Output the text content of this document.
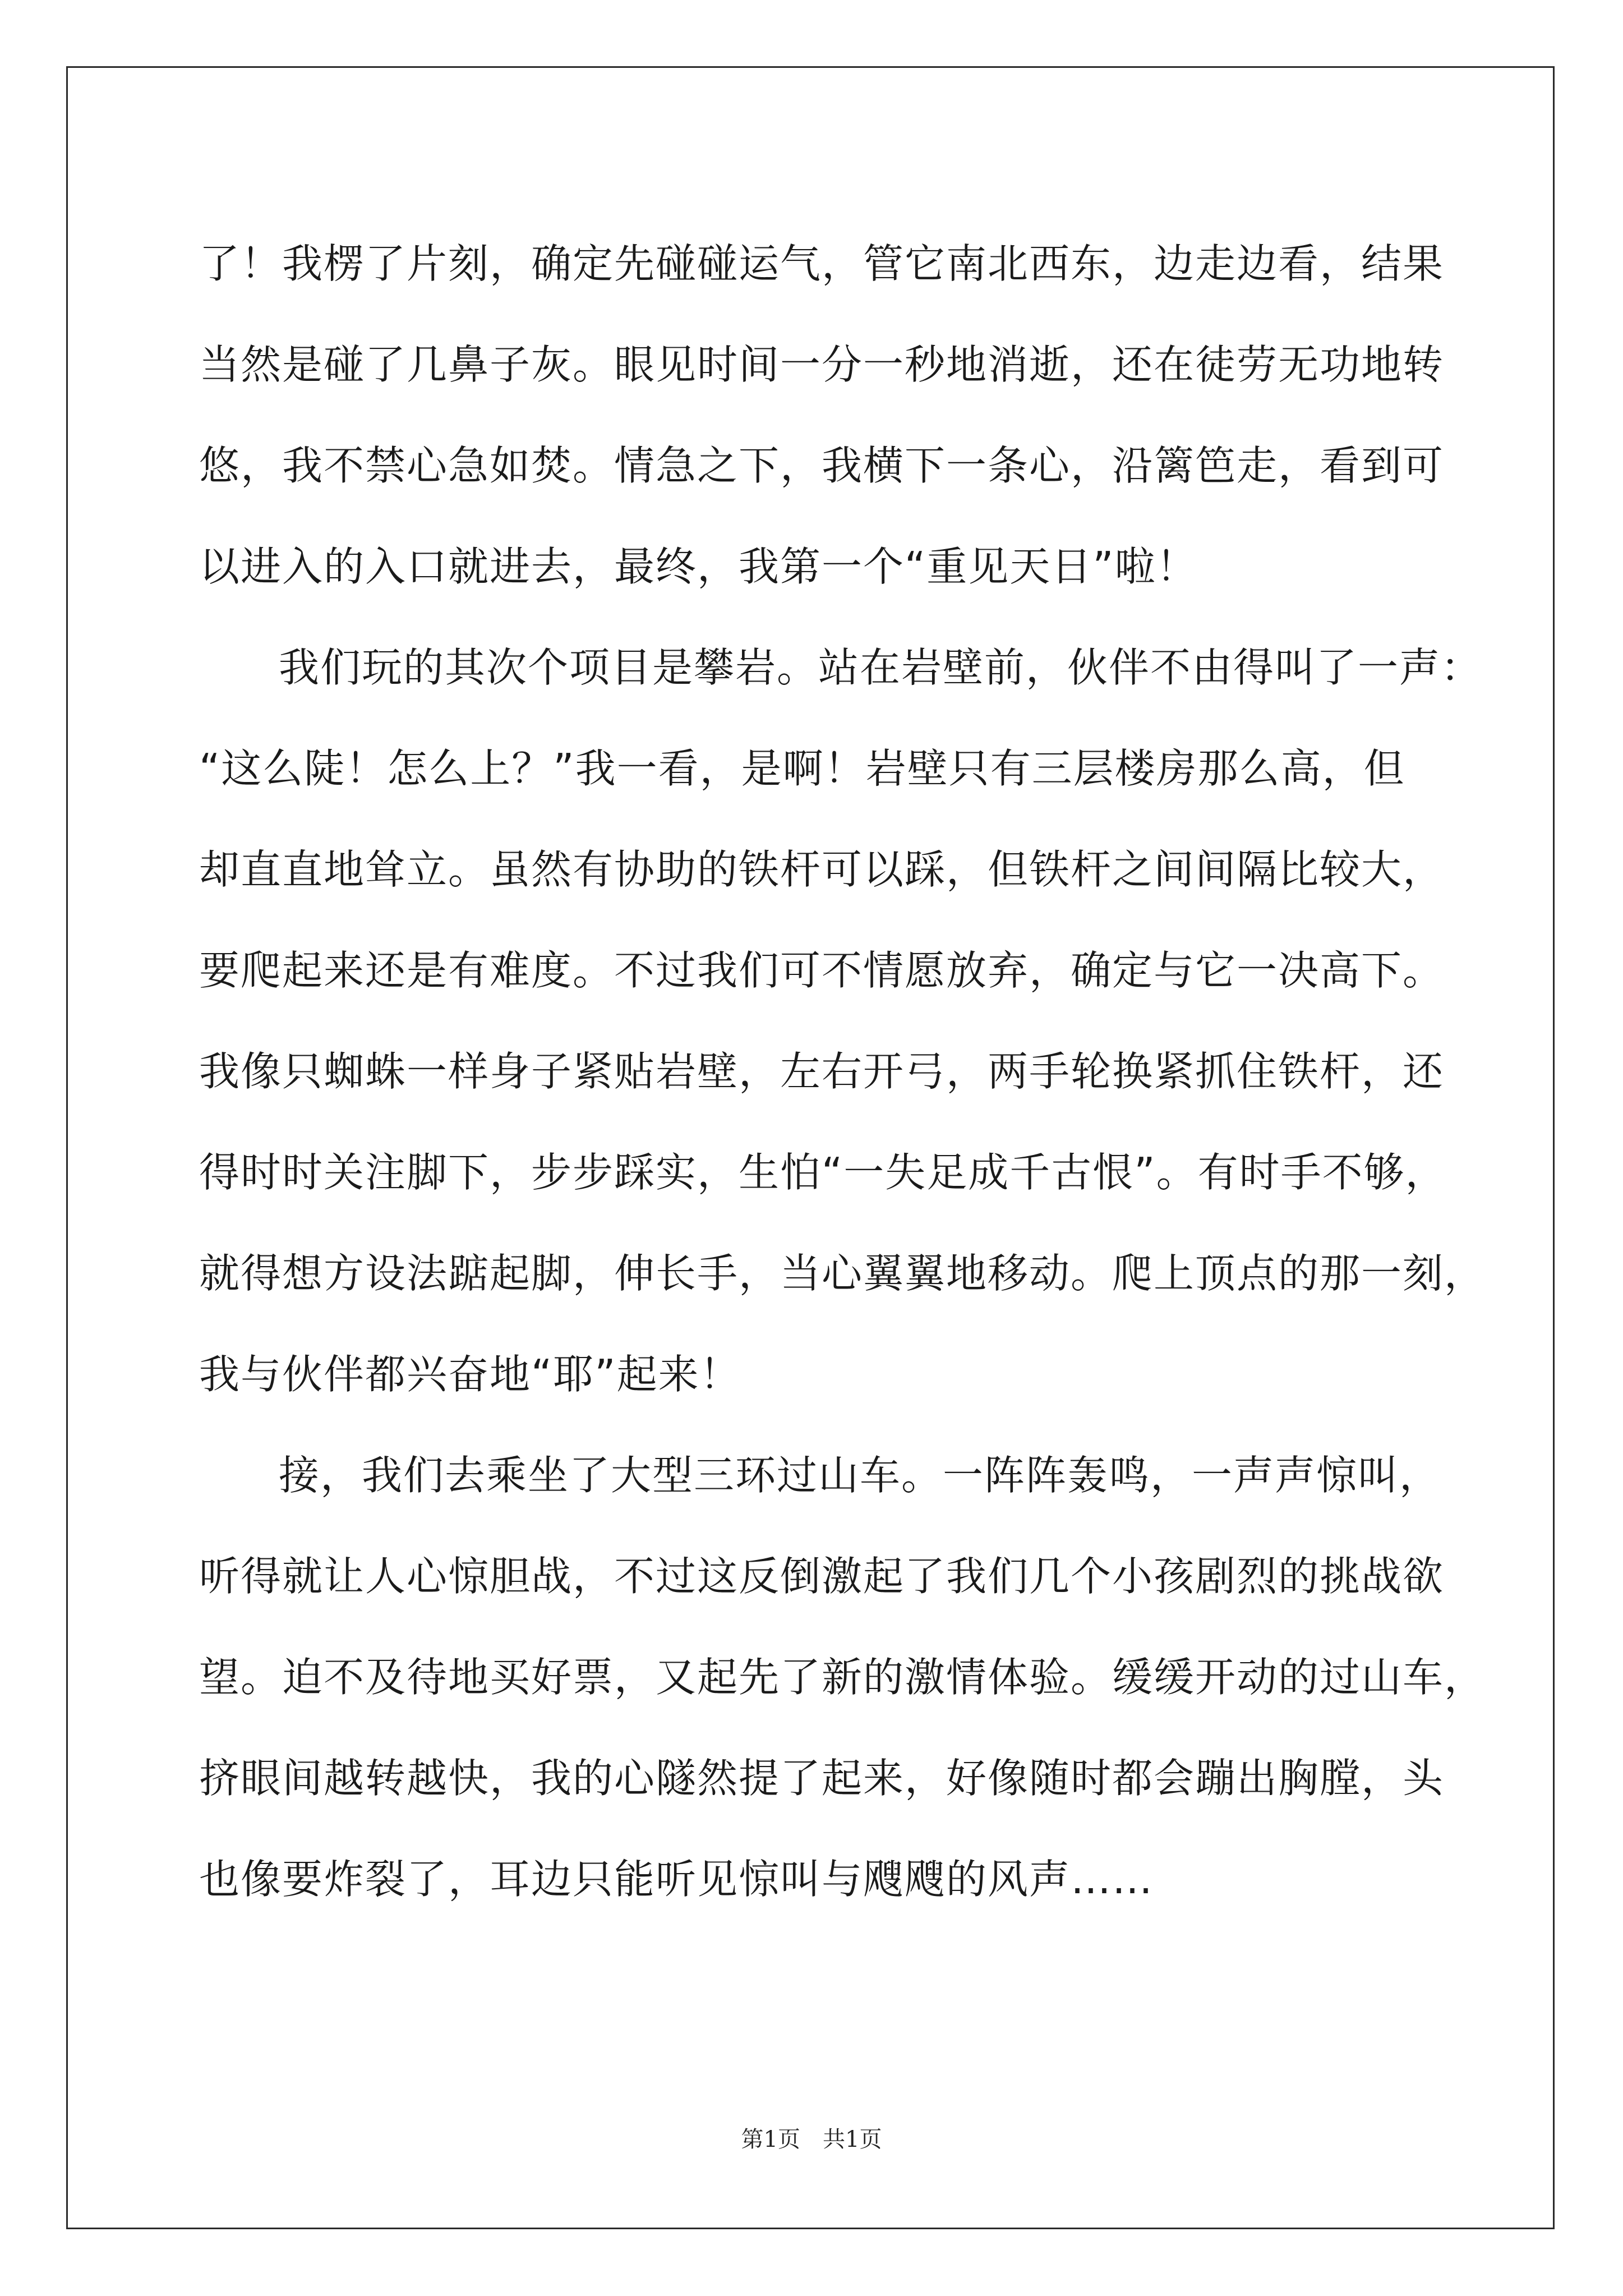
了！我楞了片刻，确定先碰碰运气，管它南北西东，边走边看，结果
当然是碰了几鼻子灰。眼见时间一分一秒地消逝，还在徒劳无功地转
悠，我不禁心急如焚。情急之下，我横下一条心，沿篱笆走，看到可
以进入的入口就进去，最终，我第一个“重见天日”啦！
我们玩的其次个项目是攀岩。站在岩壁前，伙伴不由得叫了一声：
“这么陡！怎么上？”我一看，是啊！岩壁只有三层楼房那么高，但
却直直地耸立。虽然有协助的铁杆可以踩，但铁杆之间间隔比较大，
要爬起来还是有难度。不过我们可不情愿放弃，确定与它一决高下。
我像只蜘蛛一样身子紧贴岩壁，左右开弓，两手轮换紧抓住铁杆，还
得时时关注脚下，步步踩实，生怕“一失足成千古恨”。有时手不够，
就得想方设法踮起脚，伸长手，当心翼翼地移动。爬上顶点的那一刻，
我与伙伴都兴奋地“耶”起来！
接，我们去乘坐了大型三环过山车。一阵阵轰鸣，一声声惊叫，
听得就让人心惊胆战，不过这反倒激起了我们几个小孩剧烈的挑战欲
望。迫不及待地买好票，又起先了新的激情体验。缓缓开动的过山车，
挤眼间越转越快，我的心隧然提了起来，好像随时都会蹦出胸膛，头
也像要炸裂了，耳边只能听见惊叫与飕飕的风声……
第1页 共1页
